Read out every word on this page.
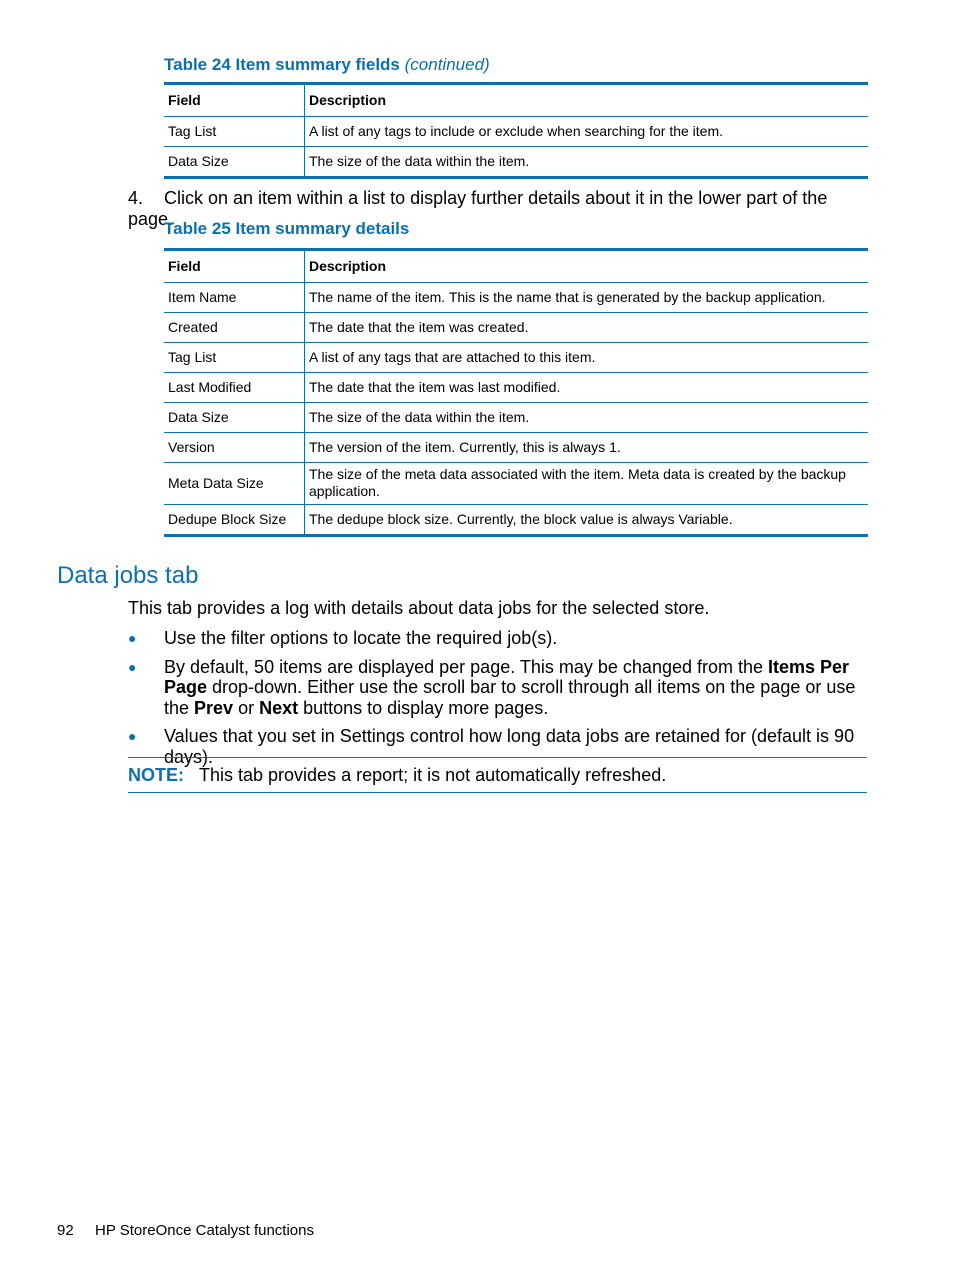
Table 24 Item summary fields (continued)
Field	Description
Tag List	A list of any tags to include or exclude when searching for the item.
Data Size	The size of the data within the item.
4. Click on an item within a list to display further details about it in the lower part of the page.
Table 25 Item summary details
Field	Description
Item Name	The name of the item. This is the name that is generated by the backup application.
Created	The date that the item was created.
Tag List	A list of any tags that are attached to this item.
Last Modified	The date that the item was last modified.
Data Size	The size of the data within the item.
Version	The version of the item. Currently, this is always 1.
Meta Data Size	The size of the meta data associated with the item. Meta data is created by the backup application.
Dedupe Block Size	The dedupe block size. Currently, the block value is always Variable.
Data jobs tab

This tab provides a log with details about data jobs for the selected store.

● Use the filter options to locate the required job(s).
● By default, 50 items are displayed per page. This may be changed from the Items Per Page drop-down. Either use the scroll bar to scroll through all items on the page or use the Prev or Next buttons to display more pages.
● Values that you set in Settings control how long data jobs are retained for (default is 90 days).
NOTE: This tab provides a report; it is not automatically refreshed.
92 HP StoreOnce Catalyst functions
